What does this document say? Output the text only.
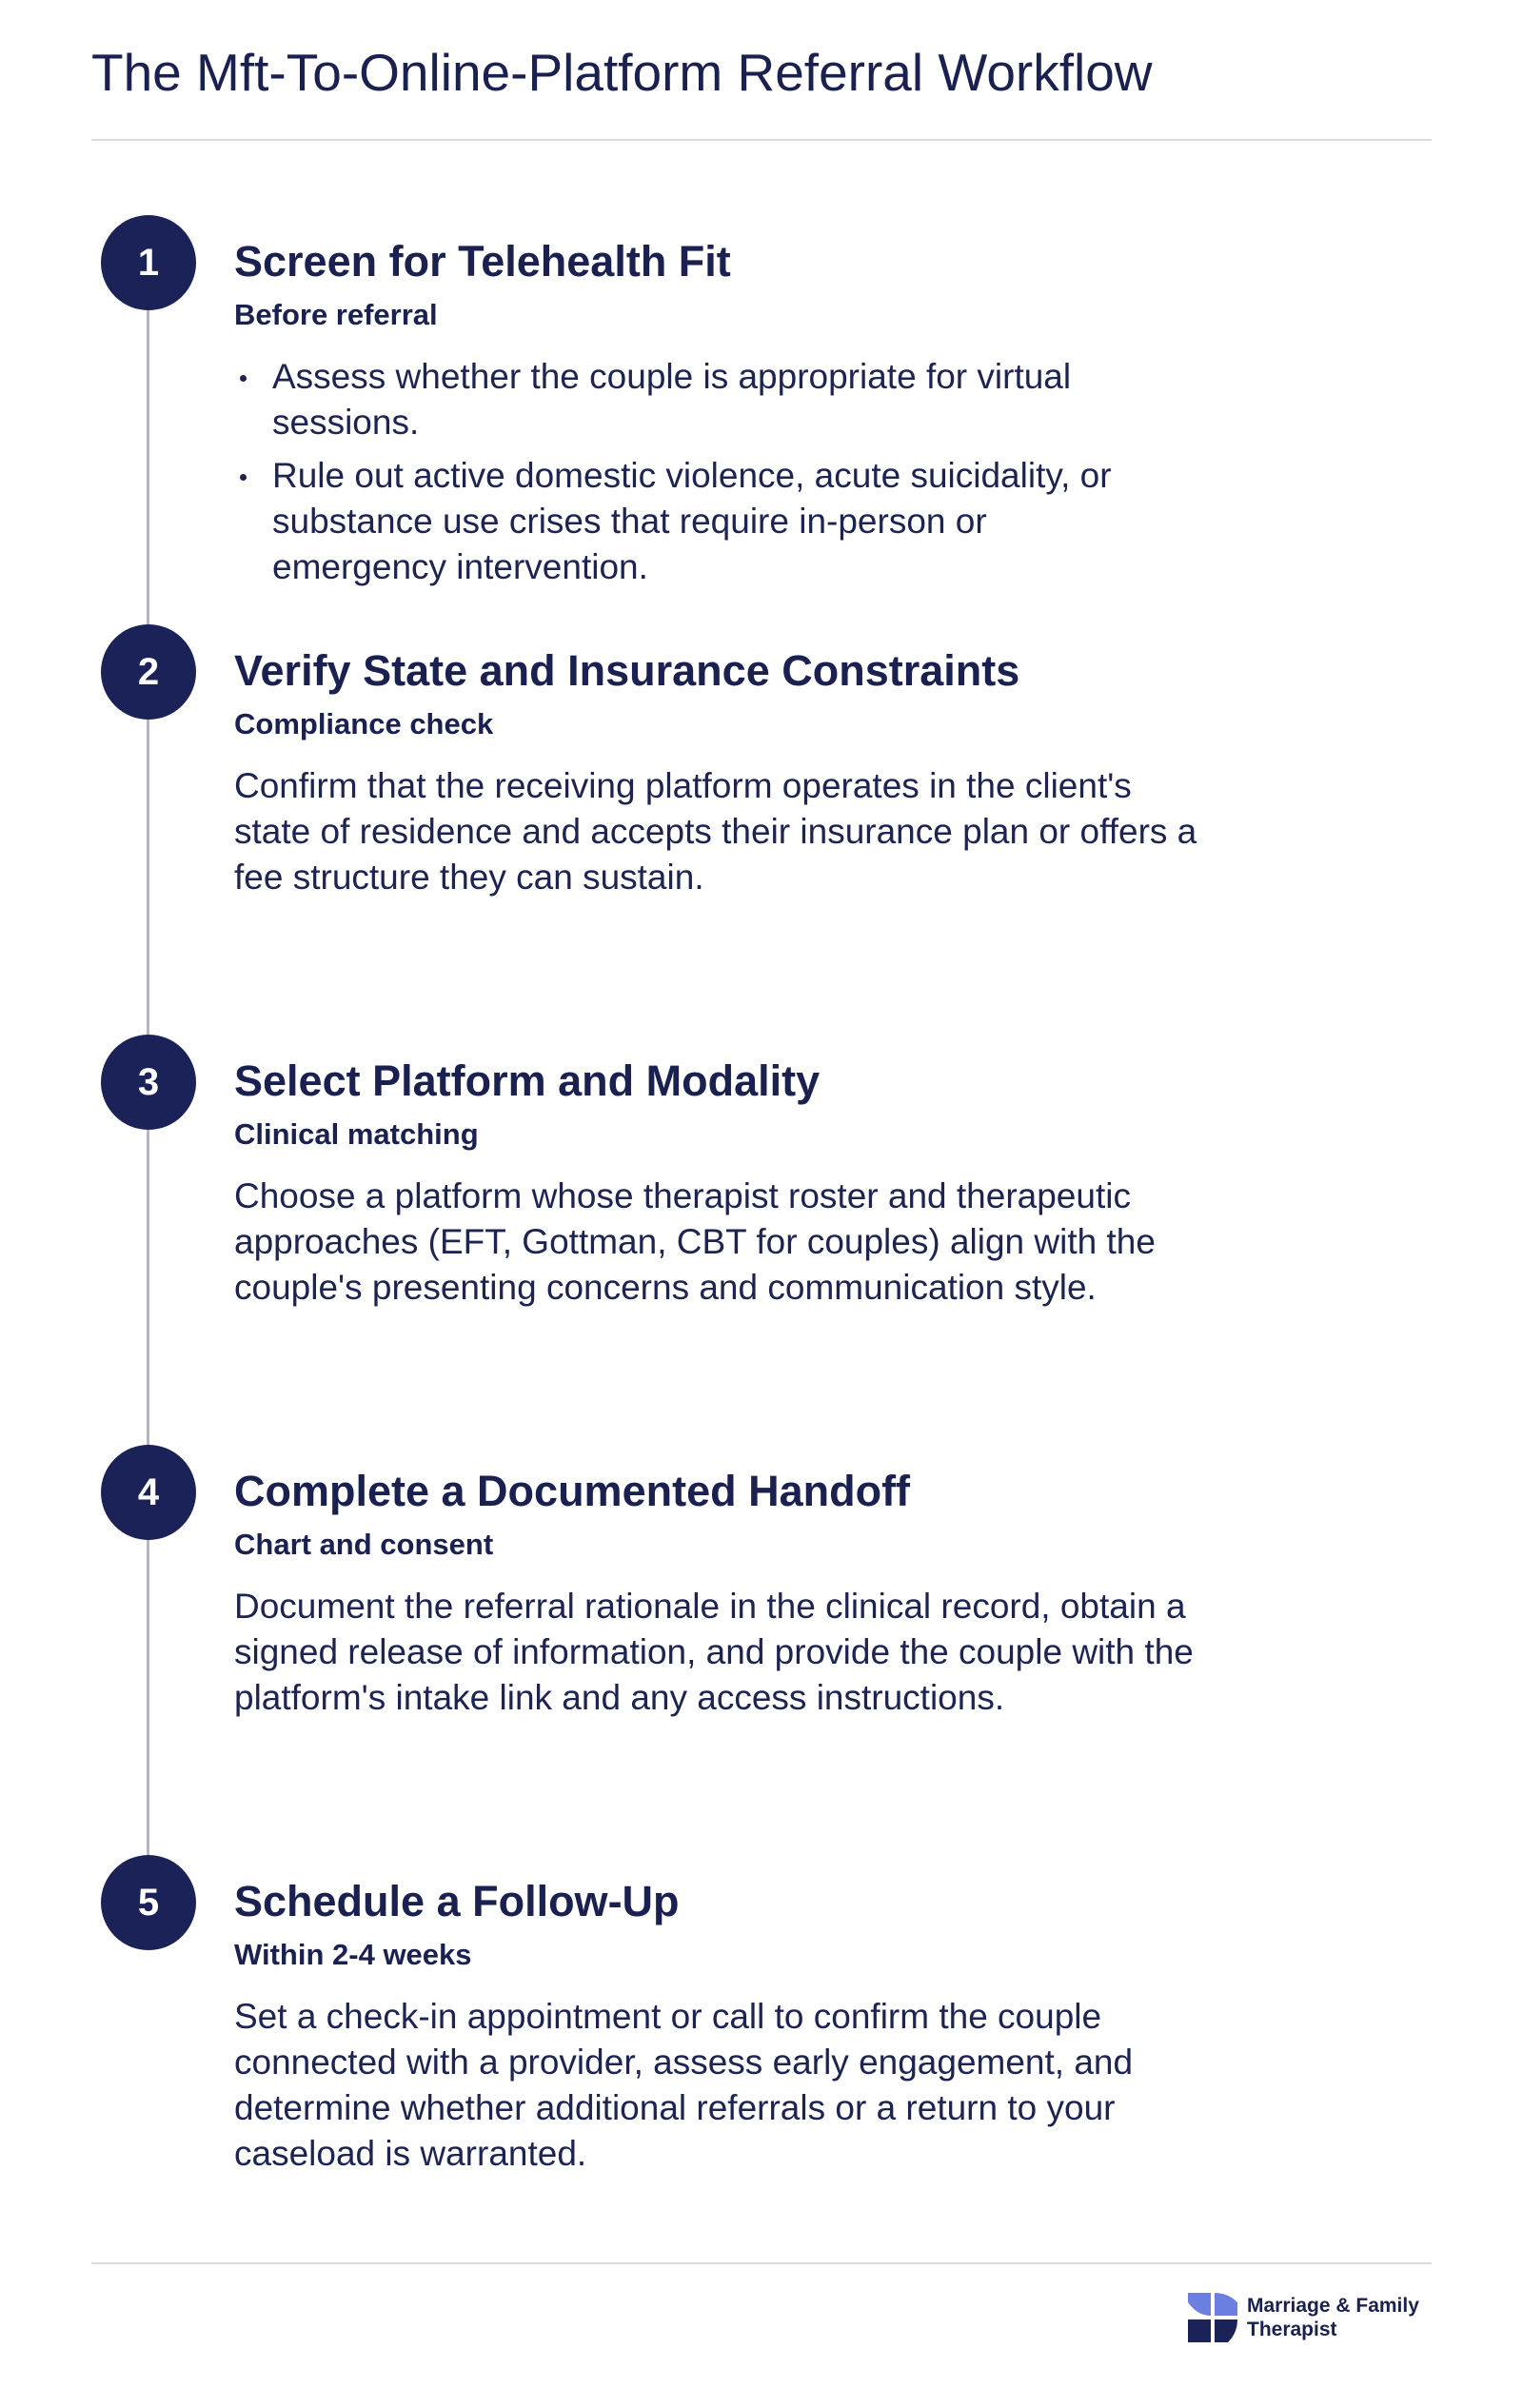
The Mft-To-Online-Platform Referral Workflow
1	Screen for Telehealth Fit
Before referral
Assess whether the couple is appropriate for virtual sessions.
Rule out active domestic violence, acute suicidality, or substance use crises that require in-person or emergency intervention.
2	Verify State and Insurance Constraints
Compliance check
Confirm that the receiving platform operates in the client's state of residence and accepts their insurance plan or offers a fee structure they can sustain.
3	Select Platform and Modality
Clinical matching
Choose a platform whose therapist roster and therapeutic approaches (EFT, Gottman, CBT for couples) align with the couple's presenting concerns and communication style.
4	Complete a Documented Handoff
Chart and consent
Document the referral rationale in the clinical record, obtain a signed release of information, and provide the couple with the platform's intake link and any access instructions.
5	Schedule a Follow-Up
Within 2-4 weeks
Set a check-in appointment or call to confirm the couple connected with a provider, assess early engagement, and determine whether additional referrals or a return to your caseload is warranted.
Marriage & Family
Therapist
